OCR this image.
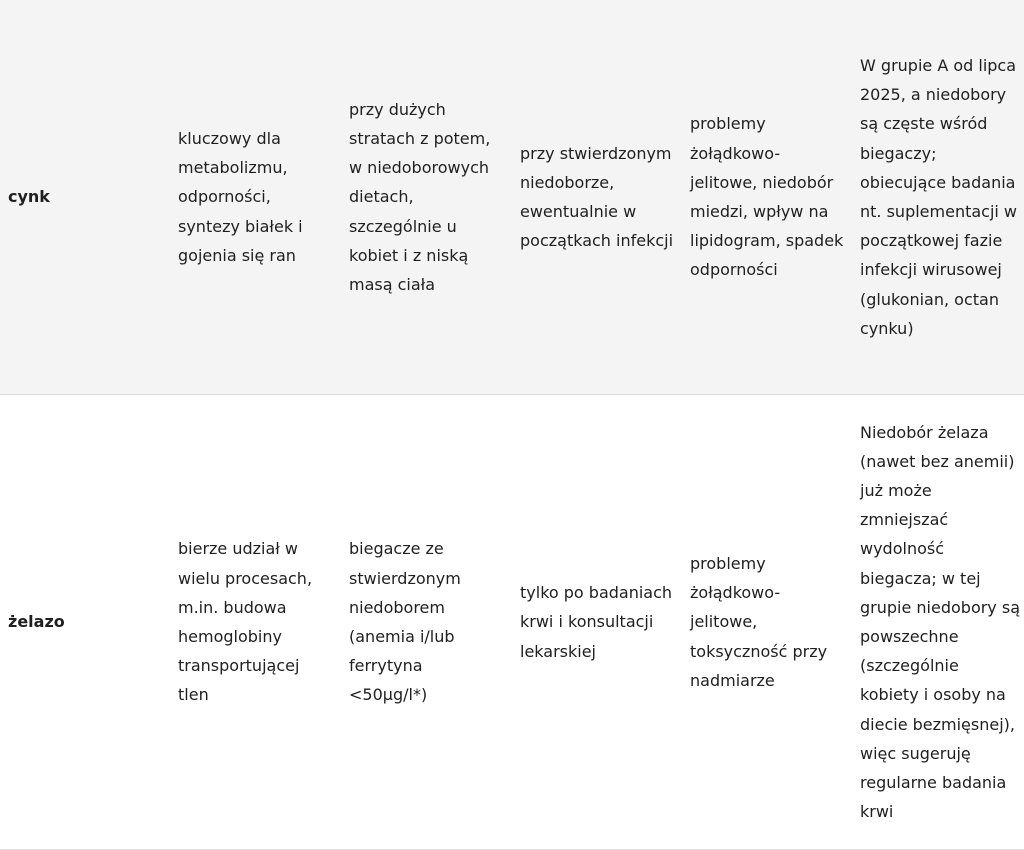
cynk	kluczowy dla metabolizmu, odporności, syntezy białek i gojenia się ran	przy dużych stratach z potem, w niedoborowych dietach, szczególnie u kobiet i z niską masą ciała	przy stwierdzonym niedoborze, ewentualnie w początkach infekcji	problemy żołądkowo-jelitowe, niedobór miedzi, wpływ na lipidogram, spadek odporności	W grupie A od lipca 2025, a niedobory są częste wśród biegaczy; obiecujące badania nt. suplementacji w początkowej fazie infekcji wirusowej (glukonian, octan cynku)
żelazo	bierze udział w wielu procesach, m.in. budowa hemoglobiny transportującej tlen	biegacze ze stwierdzonym niedoborem (anemia i/lub ferrytyna <50µg/l*)	tylko po badaniach krwi i konsultacji lekarskiej	problemy żołądkowo-jelitowe, toksyczność przy nadmiarze	Niedobór żelaza (nawet bez anemii) już może zmniejszać wydolność biegacza; w tej grupie niedobory są powszechne (szczególnie kobiety i osoby na diecie bezmięsnej), więc sugeruję regularne badania krwi
